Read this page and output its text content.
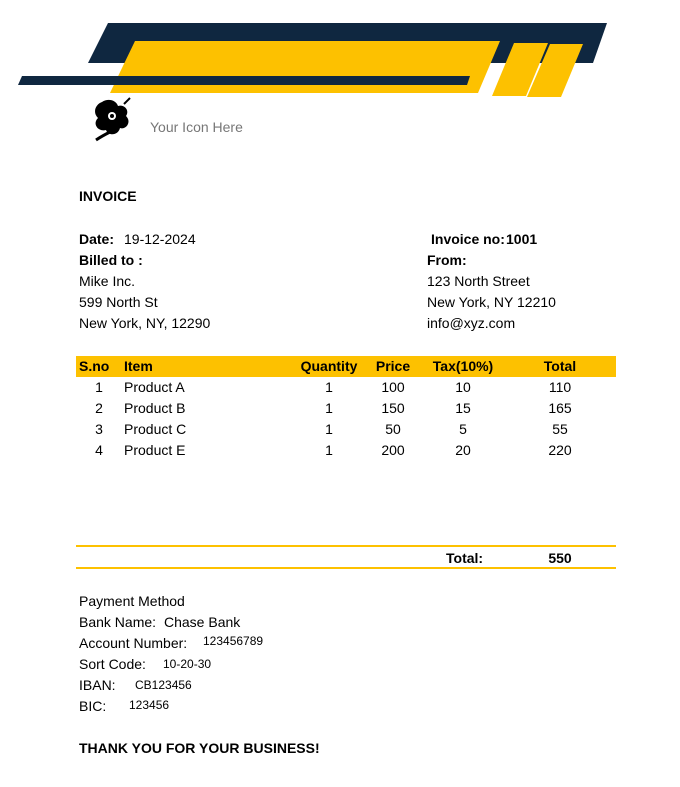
Your Icon Here
INVOICE
Date: 19-12-2024	Invoice no: 1001
Billed to :
Mike Inc.
599 North St
New York, NY, 12290
From:
123 North Street
New York, NY 12210
info@xyz.com
S.no Item	Quantity Price Tax(10%)	Total
1 Product A	1	100	10	110
2 Product B	1	150	15	165
3 Product C	1	50	5	55
4 Product E	1	200	20	220
Total:	550
Payment Method
Bank Name: Chase Bank
Account Number: 123456789
Sort Code: 10-20-30
IBAN: CB123456
BIC: 123456
THANK YOU FOR YOUR BUSINESS!
